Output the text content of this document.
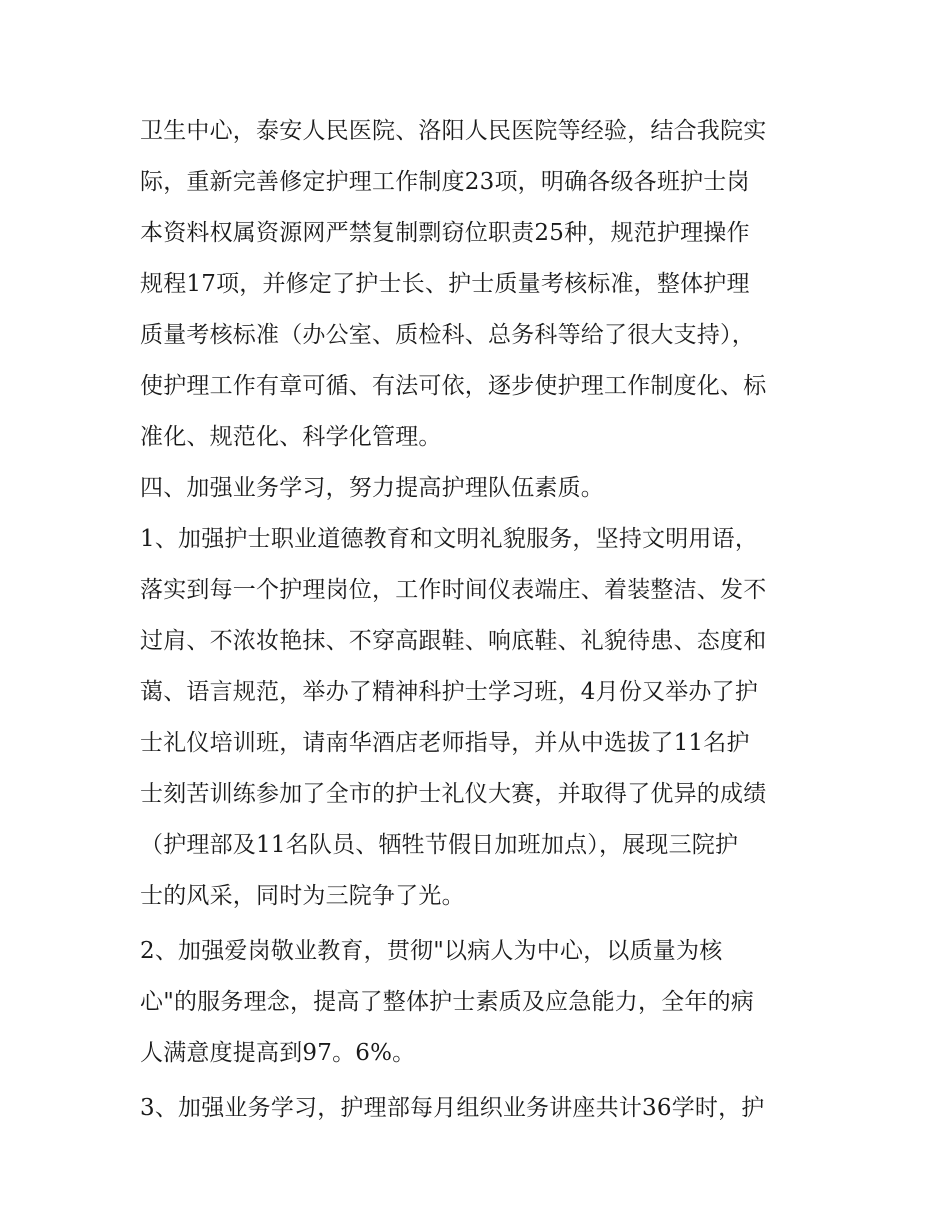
卫生中心，泰安人民医院、洛阳人民医院等经验，结合我院实
际，重新完善修定护理工作制度23项，明确各级各班护士岗
本资料权属资源网严禁复制剽窃位职责25种，规范护理操作
规程17项，并修定了护士长、护士质量考核标准，整体护理
质量考核标准（办公室、质检科、总务科等给了很大支持），
使护理工作有章可循、有法可依，逐步使护理工作制度化、标
准化、规范化、科学化管理。
四、加强业务学习，努力提高护理队伍素质。
1、加强护士职业道德教育和文明礼貌服务，坚持文明用语，
落实到每一个护理岗位，工作时间仪表端庄、着装整洁、发不
过肩、不浓妆艳抹、不穿高跟鞋、响底鞋、礼貌待患、态度和
蔼、语言规范，举办了精神科护士学习班，4月份又举办了护
士礼仪培训班，请南华酒店老师指导，并从中选拔了11名护
士刻苦训练参加了全市的护士礼仪大赛，并取得了优异的成绩
（护理部及11名队员、牺牲节假日加班加点），展现三院护
士的风采，同时为三院争了光。
2、加强爱岗敬业教育，贯彻"以病人为中心，以质量为核
心"的服务理念，提高了整体护士素质及应急能力，全年的病
人满意度提高到97。6%。
3、加强业务学习，护理部每月组织业务讲座共计36学时，护
